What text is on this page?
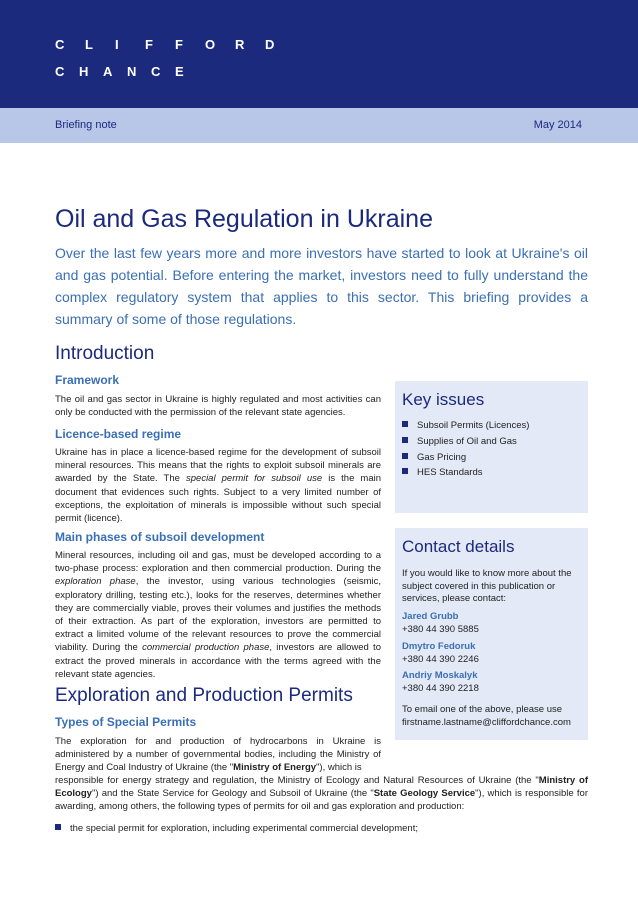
C L I F F O R D
C H A N C E
Briefing note	May 2014
Oil and Gas Regulation in Ukraine
Over the last few years more and more investors have started to look at Ukraine's oil and gas potential. Before entering the market, investors need to fully understand the complex regulatory system that applies to this sector. This briefing provides a summary of some of those regulations.
Introduction
Framework
The oil and gas sector in Ukraine is highly regulated and most activities can only be conducted with the permission of the relevant state agencies.
Licence-based regime
Ukraine has in place a licence-based regime for the development of subsoil mineral resources. This means that the rights to exploit subsoil minerals are awarded by the State. The special permit for subsoil use is the main document that evidences such rights. Subject to a very limited number of exceptions, the exploitation of minerals is impossible without such special permit (licence).
Main phases of subsoil development
Mineral resources, including oil and gas, must be developed according to a two-phase process: exploration and then commercial production. During the exploration phase, the investor, using various technologies (seismic, exploratory drilling, testing etc.), looks for the reserves, determines whether they are commercially viable, proves their volumes and justifies the methods of their extraction. As part of the exploration, investors are permitted to extract a limited volume of the relevant resources to prove the commercial viability. During the commercial production phase, investors are allowed to extract the proved minerals in accordance with the terms agreed with the relevant state agencies.
Exploration and Production Permits
Types of Special Permits
The exploration for and production of hydrocarbons in Ukraine is administered by a number of governmental bodies, including the Ministry of Energy and Coal Industry of Ukraine (the "Ministry of Energy"), which is
responsible for energy strategy and regulation, the Ministry of Ecology and Natural Resources of Ukraine (the "Ministry of Ecology") and the State Service for Geology and Subsoil of Ukraine (the "State Geology Service"), which is responsible for awarding, among others, the following types of permits for oil and gas exploration and production:
the special permit for exploration, including experimental commercial development;
Key issues
Subsoil Permits (Licences)
Supplies of Oil and Gas
Gas Pricing
HES Standards
Contact details
If you would like to know more about the subject covered in this publication or services, please contact:
Jared Grubb
+380 44 390 5885
Dmytro Fedoruk
+380 44 390 2246
Andriy Moskalyk
+380 44 390 2218
To email one of the above, please use
firstname.lastname@cliffordchance.com
